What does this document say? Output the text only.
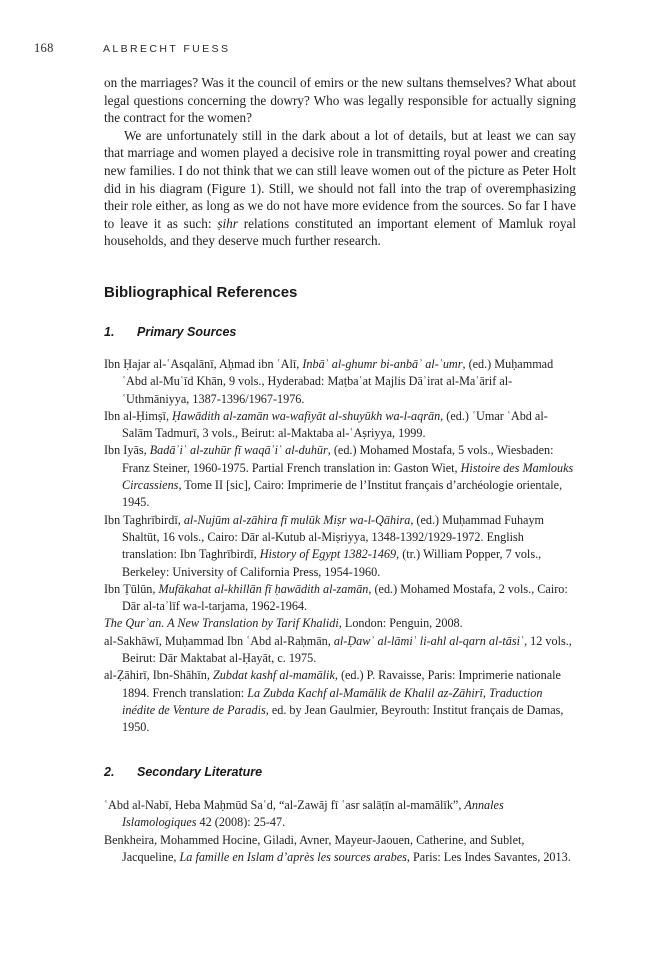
168	ALBRECHT FUESS

on the marriages? Was it the council of emirs or the new sultans themselves? What about legal questions concerning the dowry? Who was legally responsible for actually signing the contract for the women?

We are unfortunately still in the dark about a lot of details, but at least we can say that marriage and women played a decisive role in transmitting royal power and creating new families. I do not think that we can still leave women out of the picture as Peter Holt did in his diagram (Figure 1). Still, we should not fall into the trap of overemphasizing their role either, as long as we do not have more evidence from the sources. So far I have to leave it as such: ṣihr relations constituted an important element of Mamluk royal households, and they deserve much further research.

Bibliographical References
1. Primary Sources

Ibn Ḥajar al-ʿAsqalānī, Aḥmad ibn ʿAlī, Inbāʾ al-ghumr bi-anbāʾ al-ʿumr, (ed.) Muḥammad ʿAbd al-Muʿīd Khān, 9 vols., Hyderabad: Maṭbaʿat Majlis Dāʾirat al-Maʿārif al-ʿUthmāniyya, 1387-1396/1967-1976.

Ibn al-Ḥimṣī, Ḥawādith al-zamān wa-wafiyāt al-shuyūkh wa-l-aqrān, (ed.) ʿUmar ʿAbd al-Salām Tadmurī, 3 vols., Beirut: al-Maktaba al-ʿAṣriyya, 1999.

Ibn Iyās, Badāʾiʿ al-zuhūr fī waqāʾiʿ al-duhūr, (ed.) Mohamed Mostafa, 5 vols., Wiesbaden: Franz Steiner, 1960-1975. Partial French translation in: Gaston Wiet, Histoire des Mamlouks Circassiens, Tome II [sic], Cairo: Imprimerie de l’Institut français d’archéologie orientale, 1945.

Ibn Taghrībirdī, al-Nujūm al-zāhira fī mulūk Miṣr wa-l-Qāhira, (ed.) Muḥammad Fuhaym Shaltūt, 16 vols., Cairo: Dār al-Kutub al-Miṣriyya, 1348-1392/1929-1972. English translation: Ibn Taghrībirdī, History of Egypt 1382-1469, (tr.) William Popper, 7 vols., Berkeley: University of California Press, 1954-1960.

Ibn Ṭūlūn, Mufākahat al-khillān fī ḥawādith al-zamān, (ed.) Mohamed Mostafa, 2 vols., Cairo: Dār al-taʾlīf wa-l-tarjama, 1962-1964.

The Qurʾan. A New Translation by Tarif Khalidi, London: Penguin, 2008.

al-Sakhāwī, Muḥammad Ibn ʿAbd al-Raḥmān, al-Ḍawʾ al-lāmiʿ li-ahl al-qarn al-tāsiʿ, 12 vols., Beirut: Dār Maktabat al-Ḥayāt, c. 1975.

al-Ẓāhirī, Ibn-Shāhīn, Zubdat kashf al-mamālik, (ed.) P. Ravaisse, Paris: Imprimerie nationale 1894. French translation: La Zubda Kachf al-Mamālik de Khalil az-Zāhirī, Traduction inédite de Venture de Paradis, ed. by Jean Gaulmier, Beyrouth: Institut français de Damas, 1950.

2. Secondary Literature

ʿAbd al-Nabī, Heba Maḥmūd Saʿd, “al-Zawāj fī ʿasr salāṭīn al-mamālīk”, Annales Islamologiques 42 (2008): 25-47.

Benkheira, Mohammed Hocine, Giladi, Avner, Mayeur-Jaouen, Catherine, and Sublet, Jacqueline, La famille en Islam d’après les sources arabes, Paris: Les Indes Savantes, 2013.
